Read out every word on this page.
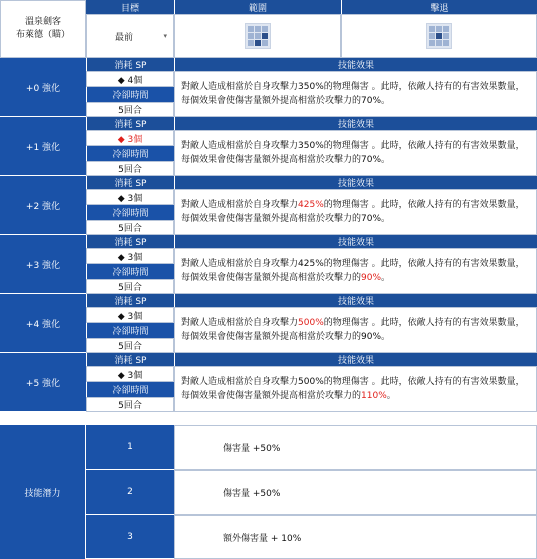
溫泉劍客
布萊德（瞄）
目標	範圍	擊退
最前	▾
+0 強化
消耗 SP
◆ 4個
冷卻時間
5回合
技能效果
對敵人造成相當於自身攻擊力350%的物理傷害 。此時，依敵人持有的有害效果數量，
每個效果會使傷害量額外提高相當於攻擊力的70%。
+1 強化
消耗 SP
◆ 3個
冷卻時間
5回合
技能效果
對敵人造成相當於自身攻擊力350%的物理傷害 。此時，依敵人持有的有害效果數量，
每個效果會使傷害量額外提高相當於攻擊力的70%。
+2 強化
消耗 SP
◆ 3個
冷卻時間
5回合
技能效果
對敵人造成相當於自身攻擊力425%的物理傷害 。此時，依敵人持有的有害效果數量，
每個效果會使傷害量額外提高相當於攻擊力的70%。
+3 強化
消耗 SP
◆ 3個
冷卻時間
5回合
技能效果
對敵人造成相當於自身攻擊力425%的物理傷害 。此時，依敵人持有的有害效果數量，
每個效果會使傷害量額外提高相當於攻擊力的90%。
+4 強化
消耗 SP
◆ 3個
冷卻時間
5回合
技能效果
對敵人造成相當於自身攻擊力500%的物理傷害 。此時，依敵人持有的有害效果數量，
每個效果會使傷害量額外提高相當於攻擊力的90%。
+5 強化
消耗 SP
◆ 3個
冷卻時間
5回合
技能效果
對敵人造成相當於自身攻擊力500%的物理傷害 。此時，依敵人持有的有害效果數量，
每個效果會使傷害量額外提高相當於攻擊力的110%。
技能潛力
1	傷害量 +50%
2	傷害量 +50%
3	額外傷害量 + 10%
